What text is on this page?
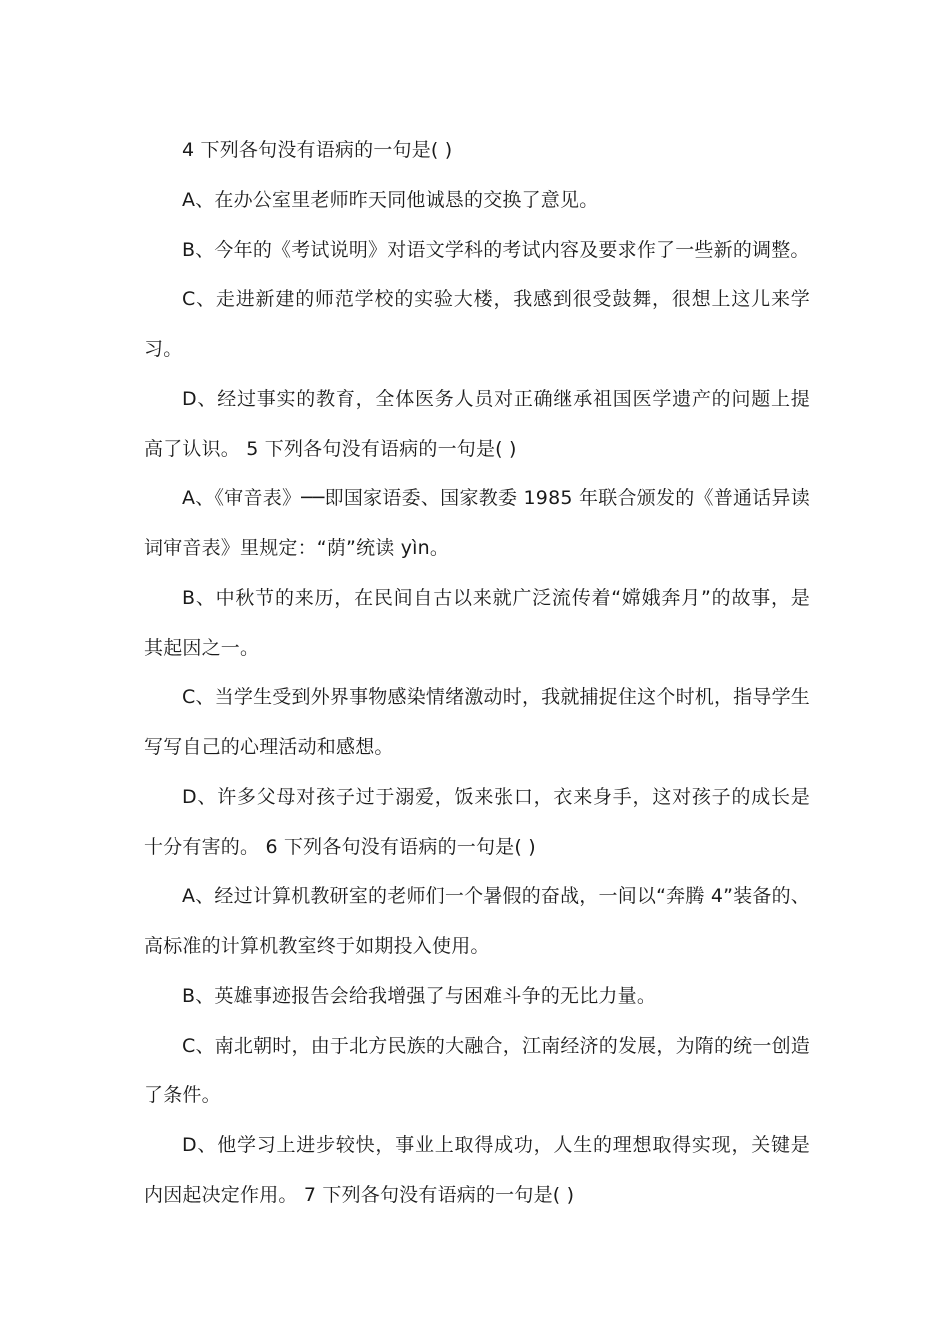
4 下列各句没有语病的一句是( )

A、在办公室里老师昨天同他诚恳的交换了意见。

B、今年的《考试说明》对语文学科的考试内容及要求作了一些新的调整。

C、走进新建的师范学校的实验大楼，我感到很受鼓舞，很想上这儿来学习。

D、经过事实的教育，全体医务人员对正确继承祖国医学遗产的问题上提高了认识。 5 下列各句没有语病的一句是( )

A、《审音表》──即国家语委、国家教委 1985 年联合颁发的《普通话异读词审音表》里规定：“荫”统读 yìn。

B、中秋节的来历，在民间自古以来就广泛流传着“嫦娥奔月”的故事，是其起因之一。

C、当学生受到外界事物感染情绪激动时，我就捕捉住这个时机，指导学生写写自己的心理活动和感想。

D、许多父母对孩子过于溺爱，饭来张口，衣来身手，这对孩子的成长是十分有害的。 6 下列各句没有语病的一句是( )

A、经过计算机教研室的老师们一个暑假的奋战，一间以“奔腾 4”装备的、高标准的计算机教室终于如期投入使用。

B、英雄事迹报告会给我增强了与困难斗争的无比力量。

C、南北朝时，由于北方民族的大融合，江南经济的发展，为隋的统一创造了条件。

D、他学习上进步较快，事业上取得成功，人生的理想取得实现，关键是内因起决定作用。 7 下列各句没有语病的一句是( )
